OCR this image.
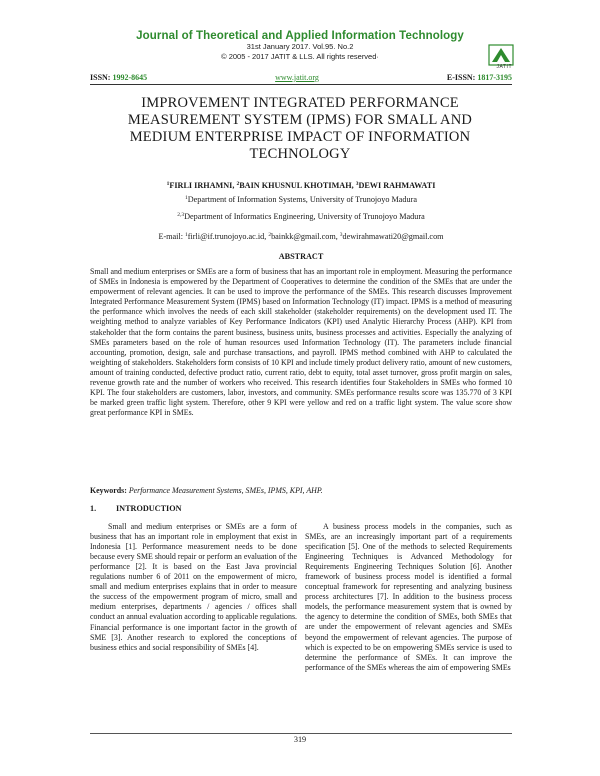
Journal of Theoretical and Applied Information Technology
31st January 2017. Vol.95. No.2
© 2005 - 2017 JATIT & LLS. All rights reserved·
JATIT
ISSN: 1992-8645	www.jatit.org	E-ISSN: 1817-3195
IMPROVEMENT INTEGRATED PERFORMANCE MEASUREMENT SYSTEM (IPMS) FOR SMALL AND MEDIUM ENTERPRISE IMPACT OF INFORMATION TECHNOLOGY
$^1$FIRLI IRHAMNI, $^2$BAIN KHUSNUL KHOTIMAH, $^3$DEWI RAHMAWATI
$^1$Department of Information Systems, University of Trunojoyo Madura
$^{2,3}$Department of Informatics Engineering, University of Trunojoyo Madura
E-mail: $^1$firli@if.trunojoyo.ac.id, $^2$bainkk@gmail.com, $^3$dewirahmawati20@gmail.com
ABSTRACT

Small and medium enterprises or SMEs are a form of business that has an important role in employment. Measuring the performance of SMEs in Indonesia is empowered by the Department of Cooperatives to determine the condition of the SMEs that are under the empowerment of relevant agencies. It can be used to improve the performance of the SMEs. This research discusses Improvement Integrated Performance Measurement System (IPMS) based on Information Technology (IT) impact. IPMS is a method of measuring the performance which involves the needs of each skill stakeholder (stakeholder requirements) on the development used IT. The weighting method to analyze variables of Key Performance Indicators (KPI) used Analytic Hierarchy Process (AHP). KPI from stakeholder that the form contains the parent business, business units, business processes and activities. Especially the analyzing of SMEs parameters based on the role of human resources used Information Technology (IT). The parameters include financial accounting, promotion, design, sale and purchase transactions, and payroll. IPMS method combined with AHP to calculated the weighting of stakeholders. Stakeholders form consists of 10 KPI and include timely product delivery ratio, amount of new customers, amount of training conducted, defective product ratio, current ratio, debt to equity, total asset turnover, gross profit margin on sales, revenue growth rate and the number of workers who received. This research identifies four Stakeholders in SMEs who formed 10 KPI. The four stakeholders are customers, labor, investors, and community. SMEs performance results score was 135.770 of 3 KPI be marked green traffic light system. Therefore, other 9 KPI were yellow and red on a traffic light system. The value score show great performance KPI in SMEs.

Keywords: Performance Measurement Systems, SMEs, IPMS, KPI, AHP.
1. INTRODUCTION

Small and medium enterprises or SMEs are a form of business that has an important role in employment that exist in Indonesia [1]. Performance measurement needs to be done because every SME should repair or perform an evaluation of the performance [2]. It is based on the East Java provincial regulations number 6 of 2011 on the empowerment of micro, small and medium enterprises explains that in order to measure the success of the empowerment program of micro, small and medium enterprises, departments / agencies / offices shall conduct an annual evaluation according to applicable regulations. Financial performance is one important factor in the growth of SME [3]. Another research to explored the conceptions of business ethics and social responsibility of SMEs [4].

A business process models in the companies, such as SMEs, are an increasingly important part of a requirements specification [5]. One of the methods to selected Requirements Engineering Techniques is Advanced Methodology for Requirements Engineering Techniques Solution [6]. Another framework of business process model is identified a formal conceptual framework for representing and analyzing business process architectures [7]. In addition to the business process models, the performance measurement system that is owned by the agency to determine the condition of SMEs, both SMEs that are under the empowerment of relevant agencies and SMEs beyond the empowerment of relevant agencies. The purpose of which is expected to be on empowering SMEs service is used to determine the performance of SMEs. It can improve the performance of the SMEs whereas the aim of empowering SMEs

319
